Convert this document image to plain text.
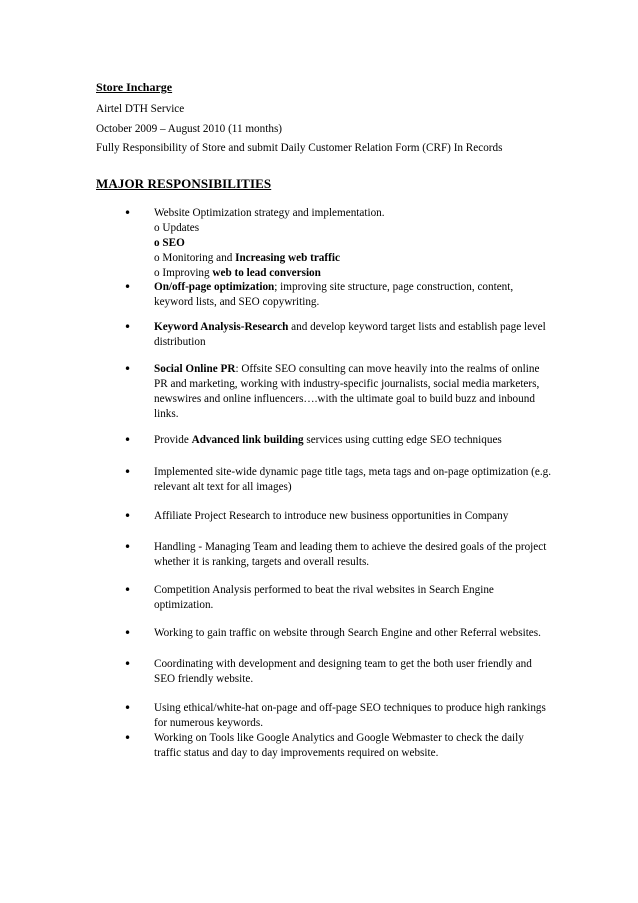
Store Incharge
Airtel DTH Service
October 2009 – August 2010 (11 months)
Fully Responsibility of Store and submit Daily Customer Relation Form (CRF) In Records
MAJOR RESPONSIBILITIES
• Website Optimization strategy and implementation.
o Updates
o SEO
o Monitoring and Increasing web traffic
o Improving web to lead conversion
• On/off-page optimization; improving site structure, page construction, content,
keyword lists, and SEO copywriting.
• Keyword Analysis-Research and develop keyword target lists and establish page level
distribution
• Social Online PR: Offsite SEO consulting can move heavily into the realms of online
PR and marketing, working with industry-specific journalists, social media marketers,
newswires and online influencers….with the ultimate goal to build buzz and inbound
links.
• Provide Advanced link building services using cutting edge SEO techniques
• Implemented site-wide dynamic page title tags, meta tags and on-page optimization (e.g.
relevant alt text for all images)
• Affiliate Project Research to introduce new business opportunities in Company
• Handling - Managing Team and leading them to achieve the desired goals of the project
whether it is ranking, targets and overall results.
• Competition Analysis performed to beat the rival websites in Search Engine
optimization.
• Working to gain traffic on website through Search Engine and other Referral websites.
• Coordinating with development and designing team to get the both user friendly and
SEO friendly website.
• Using ethical/white-hat on-page and off-page SEO techniques to produce high rankings
for numerous keywords.
• Working on Tools like Google Analytics and Google Webmaster to check the daily
traffic status and day to day improvements required on website.
